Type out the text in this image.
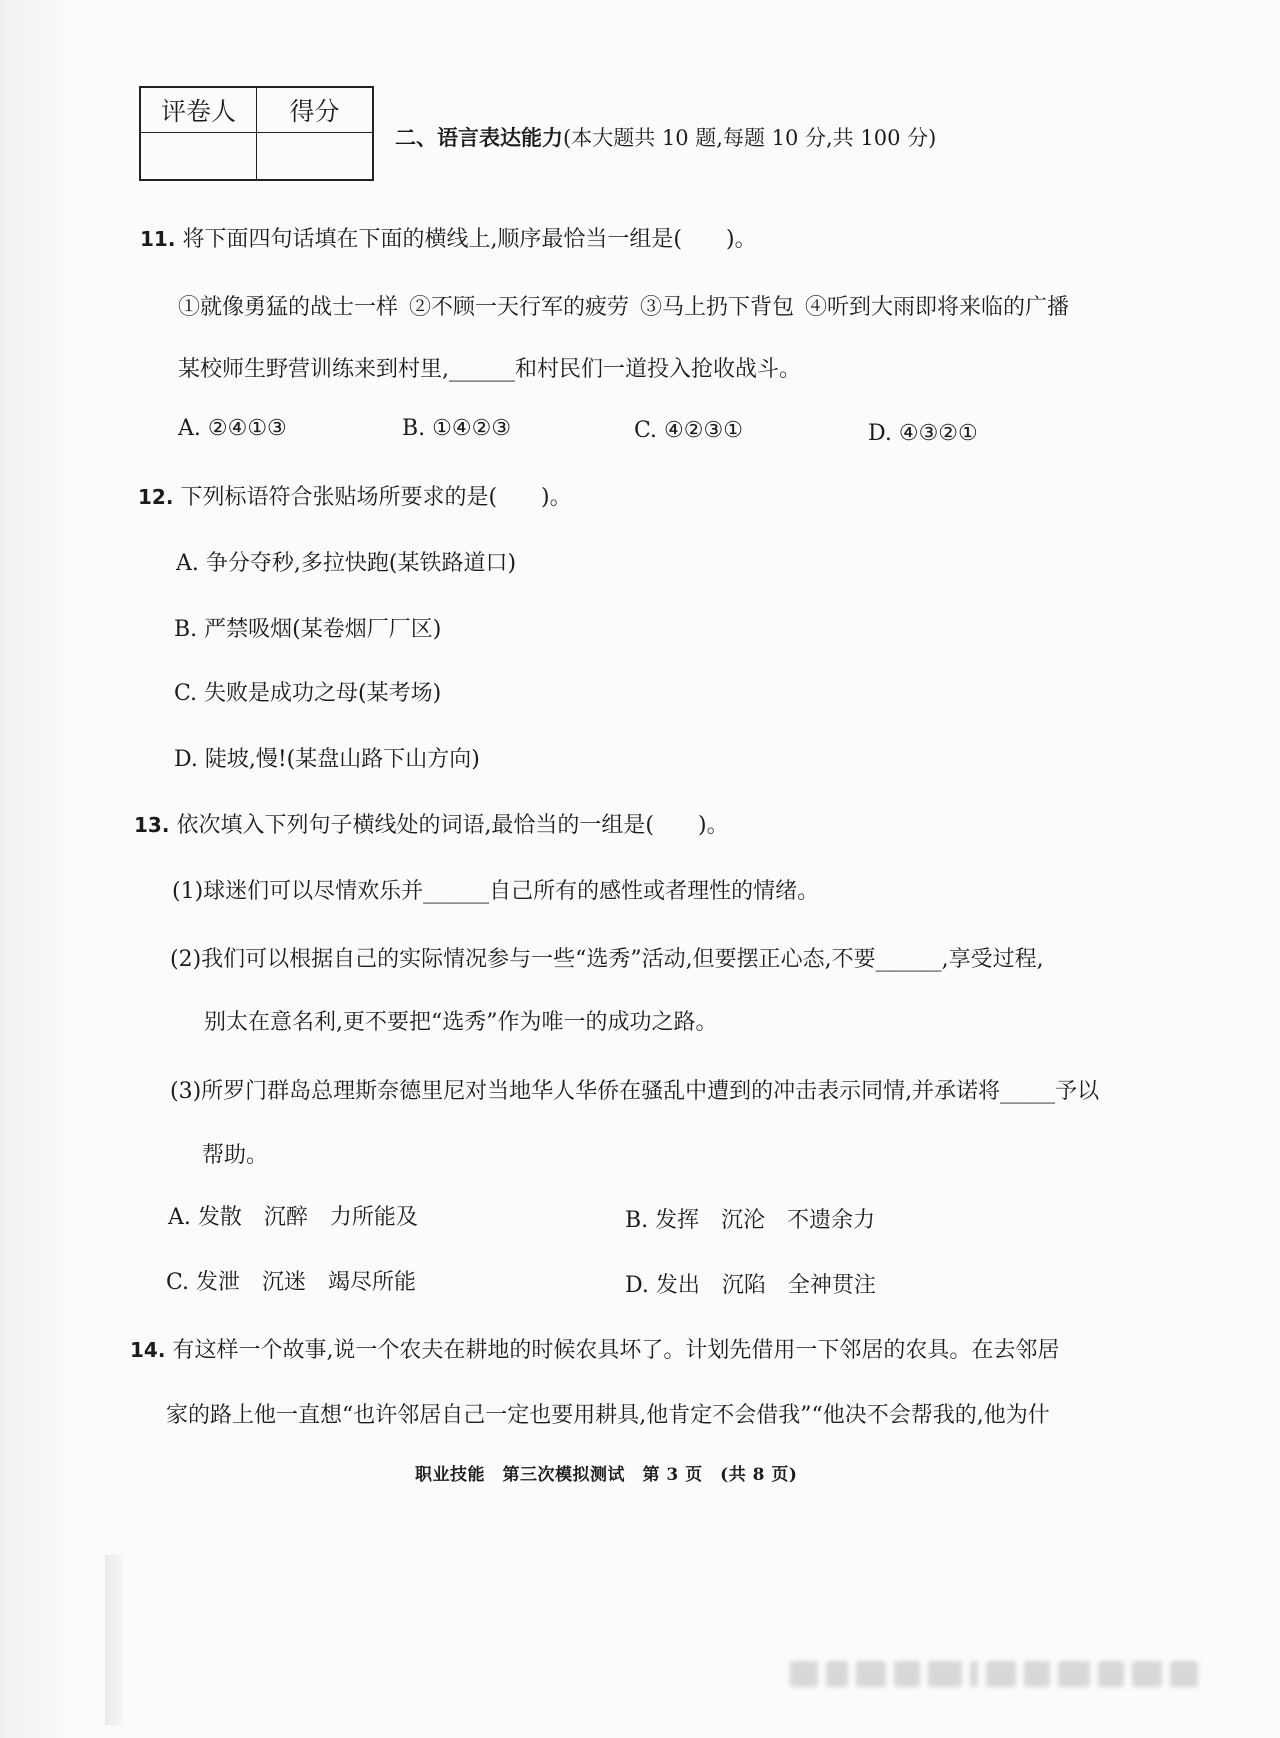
评卷人	得分

二、语言表达能力(本大题共 10 题,每题 10 分,共 100 分)
11. 将下面四句话填在下面的横线上,顺序最恰当一组是(　　)。
①就像勇猛的战士一样 ②不顾一天行军的疲劳 ③马上扔下背包 ④听到大雨即将来临的广播
某校师生野营训练来到村里,______和村民们一道投入抢收战斗。
A. ②④①③	B. ①④②③	C. ④②③①	D. ④③②①
12. 下列标语符合张贴场所要求的是(　　)。
A. 争分夺秒,多拉快跑(某铁路道口)
B. 严禁吸烟(某卷烟厂厂区)
C. 失败是成功之母(某考场)
D. 陡坡,慢!(某盘山路下山方向)
13. 依次填入下列句子横线处的词语,最恰当的一组是(　　)。
(1)球迷们可以尽情欢乐并______自己所有的感性或者理性的情绪。
(2)我们可以根据自己的实际情况参与一些“选秀”活动,但要摆正心态,不要______,享受过程,
别太在意名利,更不要把“选秀”作为唯一的成功之路。
(3)所罗门群岛总理斯奈德里尼对当地华人华侨在骚乱中遭到的冲击表示同情,并承诺将_____予以
帮助。
A. 发散　沉醉　力所能及	B. 发挥　沉沦　不遗余力
C. 发泄　沉迷　竭尽所能	D. 发出　沉陷　全神贯注
14. 有这样一个故事,说一个农夫在耕地的时候农具坏了。计划先借用一下邻居的农具。在去邻居
家的路上他一直想“也许邻居自己一定也要用耕具,他肯定不会借我”“他决不会帮我的,他为什
职业技能 第三次模拟测试 第 3 页 (共 8 页)
